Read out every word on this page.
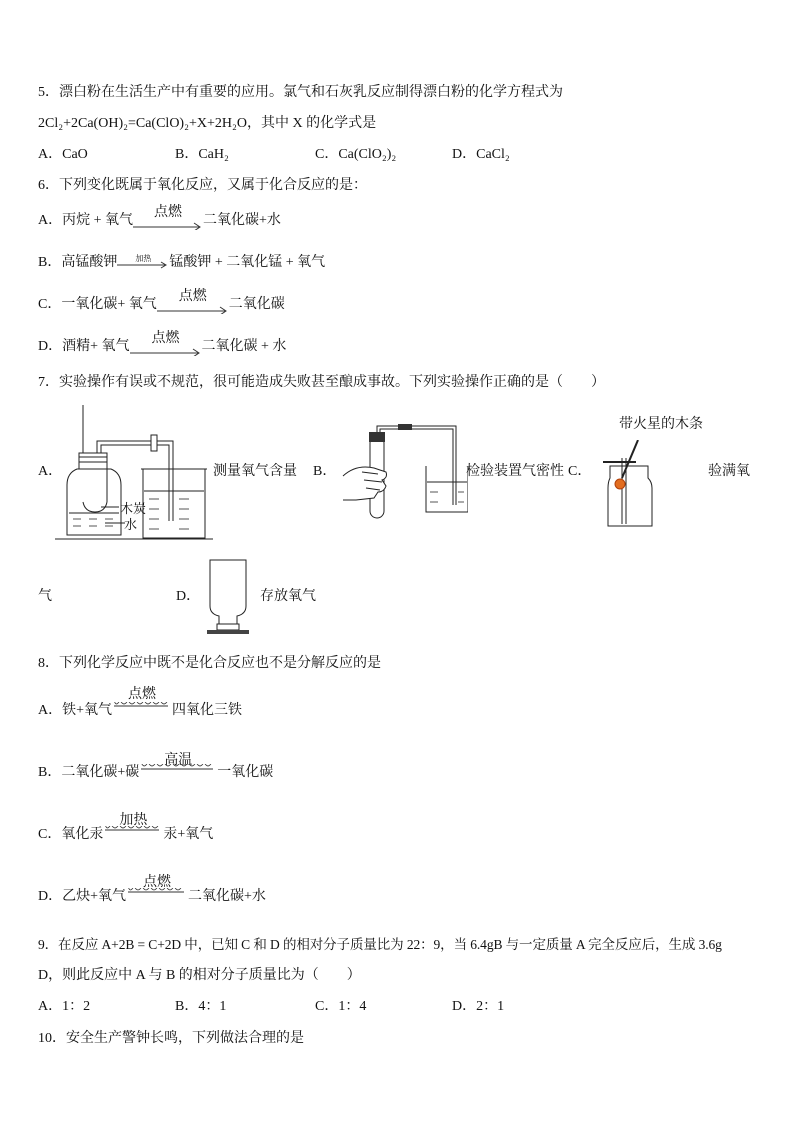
5．漂白粉在生活生产中有重要的应用。氯气和石灰乳反应制得漂白粉的化学方程式为
2Cl₂+2Ca(OH)₂=Ca(ClO)₂+X+2H₂O，其中 X 的化学式是
A．CaO	B．CaH₂	C．Ca(ClO₂)₂	D．CaCl₂
6．下列变化既属于氧化反应，又属于化合反应的是：
A．丙烷 + 氧气
点燃
二氧化碳+水
B．高锰酸钾	加热	锰酸钾 + 二氧化锰 + 氧气
C．一氧化碳+ 氧气
点燃
二氧化碳
D．酒精+ 氧气
点燃
二氧化碳 + 水
7．实验操作有误或不规范，很可能造成失败甚至酿成事故。下列实验操作正确的是（　　）
A．
木炭
水
测量氧气含量 B．	检验装置气密性 C．
带火星的木条
验满氧
气	D．	存放氧气
8．下列化学反应中既不是化合反应也不是分解反应的是
A．铁+氧气
点燃
四氧化三铁
B．二氧化碳+碳
高温
一氧化碳
C．氧化汞
加热
汞+氧气
D．乙炔+氧气
点燃
二氧化碳+水
9．在反应 A+2B = C+2D 中，已知 C 和 D 的相对分子质量比为 22：9，当 6.4gB 与一定质量 A 完全反应后，生成 3.6g
D，则此反应中 A 与 B 的相对分子质量比为（　　）
A．1：2	B．4：1	C．1：4	D．2：1
10．安全生产警钟长鸣，下列做法合理的是
